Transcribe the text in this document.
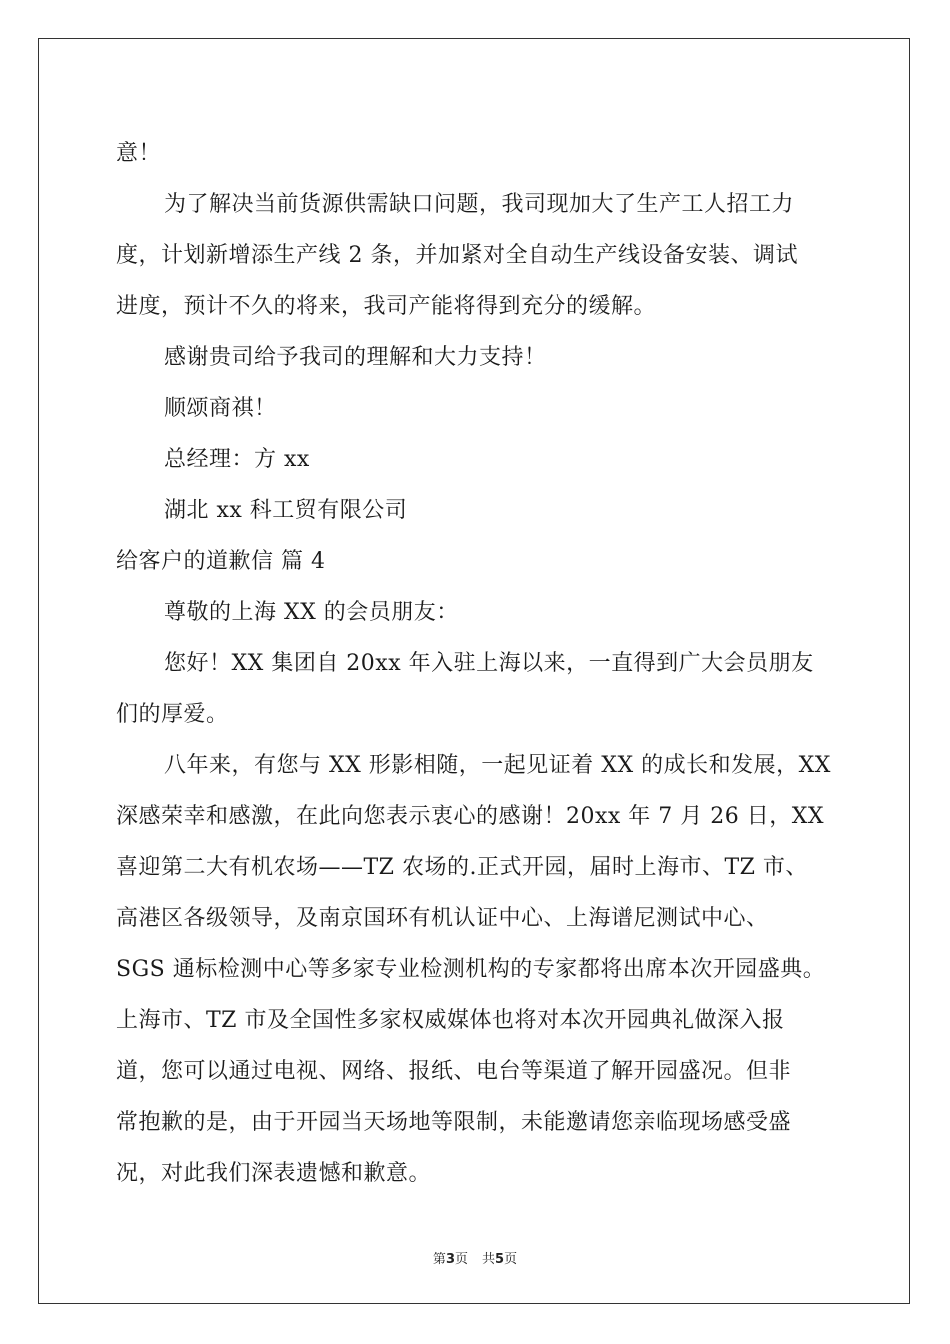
意！
为了解决当前货源供需缺口问题，我司现加大了生产工人招工力
度，计划新增添生产线 2 条，并加紧对全自动生产线设备安装、调试
进度，预计不久的将来，我司产能将得到充分的缓解。
感谢贵司给予我司的理解和大力支持！
顺颂商祺！
总经理：方 xx
湖北 xx 科工贸有限公司
给客户的道歉信 篇 4
尊敬的上海 XX 的会员朋友：
您好！XX 集团自 20xx 年入驻上海以来，一直得到广大会员朋友
们的厚爱。
八年来，有您与 XX 形影相随，一起见证着 XX 的成长和发展，XX
深感荣幸和感激，在此向您表示衷心的感谢！20xx 年 7 月 26 日，XX
喜迎第二大有机农场——TZ 农场的.正式开园，届时上海市、TZ 市、
高港区各级领导，及南京国环有机认证中心、上海谱尼测试中心、
SGS 通标检测中心等多家专业检测机构的专家都将出席本次开园盛典。
上海市、TZ 市及全国性多家权威媒体也将对本次开园典礼做深入报
道，您可以通过电视、网络、报纸、电台等渠道了解开园盛况。但非
常抱歉的是，由于开园当天场地等限制，未能邀请您亲临现场感受盛
况，对此我们深表遗憾和歉意。
第3页 共5页
